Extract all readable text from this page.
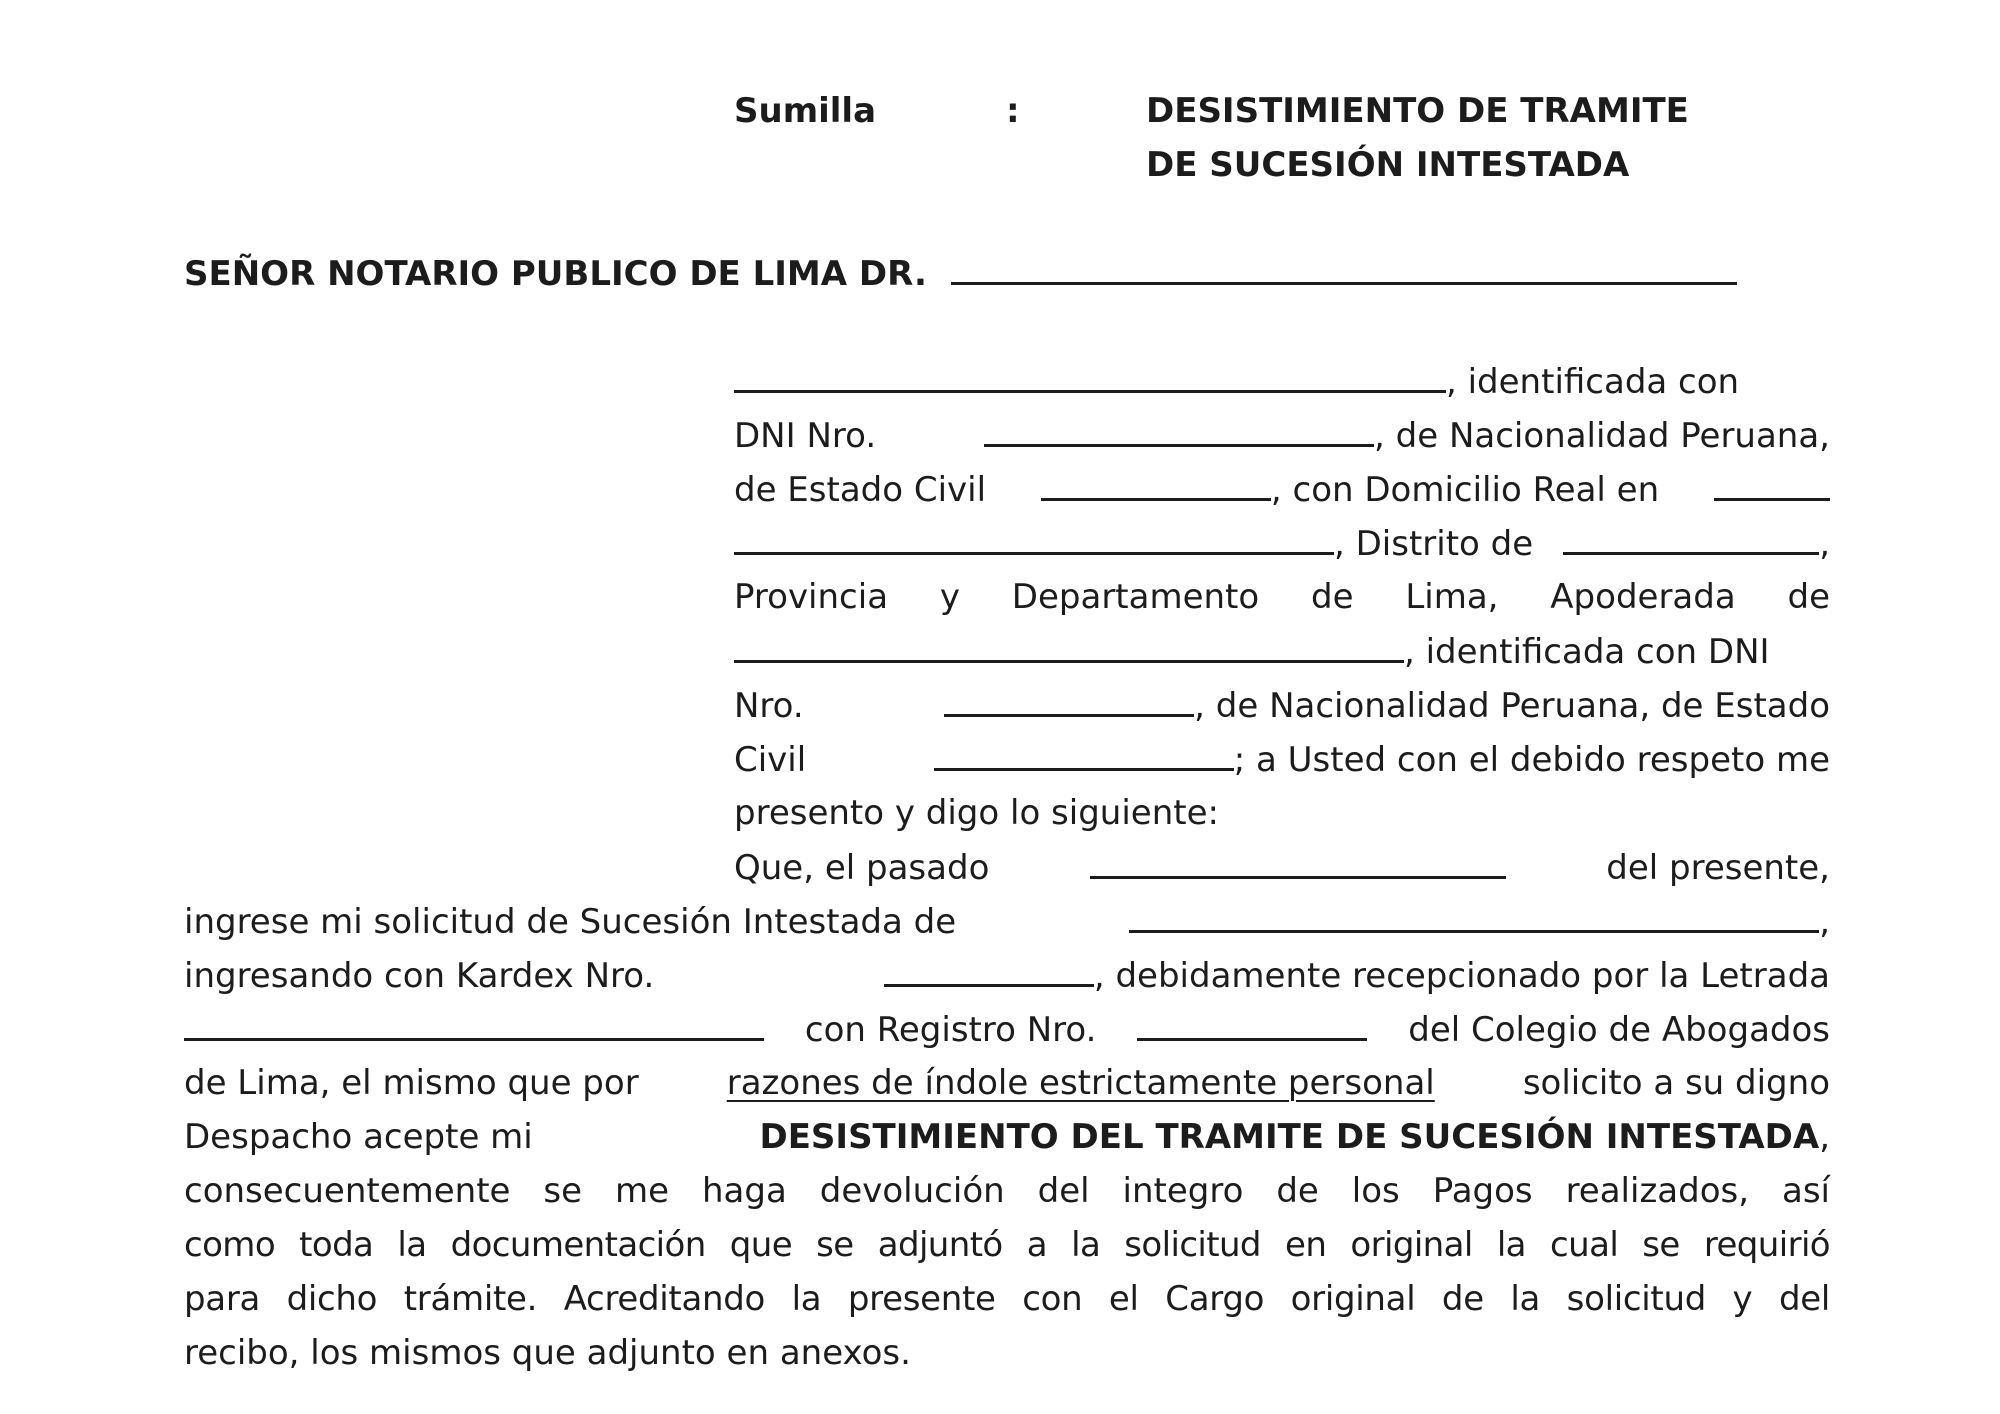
Sumilla	:	DESISTIMIENTO DE TRAMITE
DE SUCESIÓN INTESTADA
SEÑOR NOTARIO PUBLICO DE LIMA DR.
, identificada con
DNI Nro.	, de Nacionalidad Peruana,
de Estado Civil	, con Domicilio Real en
, Distrito de	,
Provincia y Departamento de Lima, Apoderada de
, identificada con DNI
Nro.	, de Nacionalidad Peruana, de Estado
Civil	; a Usted con el debido respeto me
presento y digo lo siguiente:
Que, el pasado	del presente,
ingrese mi solicitud de Sucesión Intestada de	,
ingresando con Kardex Nro.	, debidamente recepcionado por la Letrada
con Registro Nro.	del Colegio de Abogados
de Lima, el mismo que por	razones de índole estrictamente personal	solicito a su digno
Despacho acepte mi	DESISTIMIENTO DEL TRAMITE DE SUCESIÓN INTESTADA,
consecuentemente se me haga devolución del integro de los Pagos realizados, así
como toda la documentación que se adjuntó a la solicitud en original la cual se requirió
para dicho trámite. Acreditando la presente con el Cargo original de la solicitud y del
recibo, los mismos que adjunto en anexos.
